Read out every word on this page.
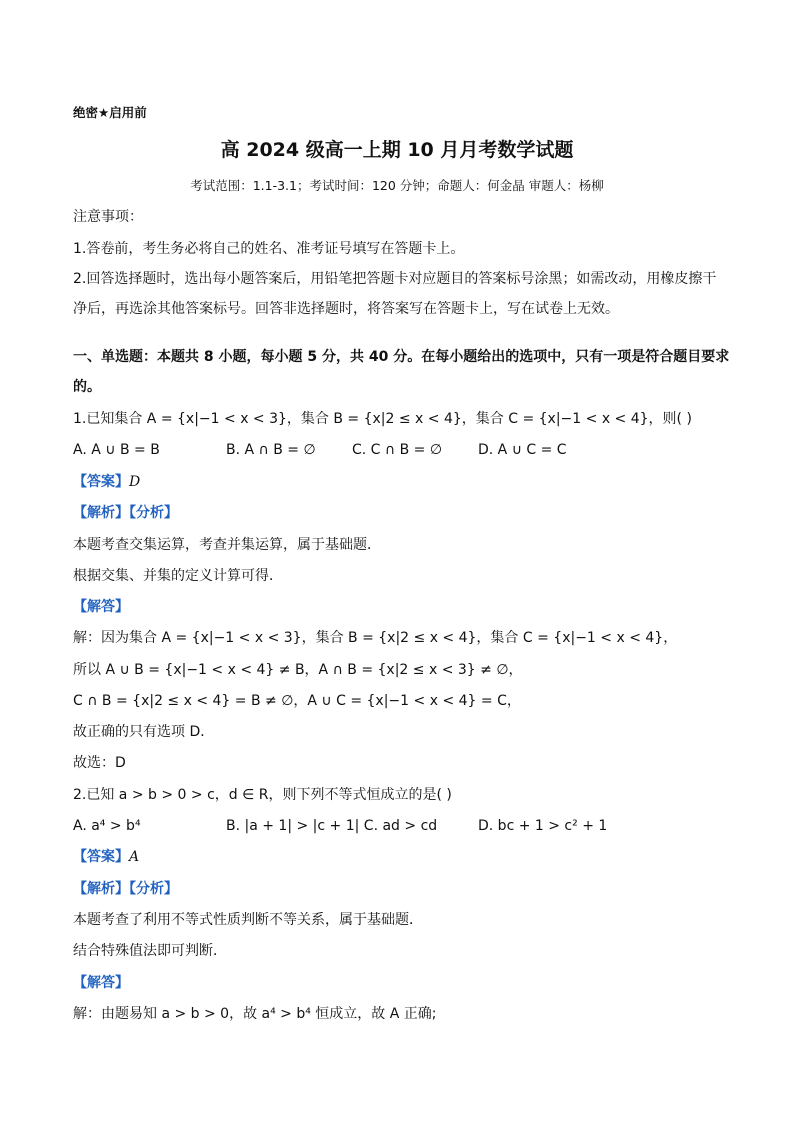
绝密★启用前
高 2024 级高一上期 10 月月考数学试题
考试范围：1.1-3.1；考试时间：120 分钟；命题人：何金晶 审题人：杨柳
注意事项：
1.答卷前，考生务必将自己的姓名、准考证号填写在答题卡上。
2.回答选择题时，选出每小题答案后，用铅笔把答题卡对应题目的答案标号涂黑；如需改动，用橡皮擦干
净后，再选涂其他答案标号。回答非选择题时，将答案写在答题卡上，写在试卷上无效。
一、单选题：本题共 8 小题，每小题 5 分，共 40 分。在每小题给出的选项中，只有一项是符合题目要求
的。
1.已知集合 A = {x|−1 < x < 3}，集合 B = {x|2 ≤ x < 4}，集合 C = {x|−1 < x < 4}，则( )
A. A ∪ B = B	B. A ∩ B = ∅	C. C ∩ B = ∅	D. A ∪ C = C
【答案】D
【解析】【分析】
本题考查交集运算，考查并集运算，属于基础题．
根据交集、并集的定义计算可得．
【解答】
解：因为集合 A = {x|−1 < x < 3}，集合 B = {x|2 ≤ x < 4}，集合 C = {x|−1 < x < 4}，
所以 A ∪ B = {x|−1 < x < 4} ≠ B，A ∩ B = {x|2 ≤ x < 3} ≠ ∅，
C ∩ B = {x|2 ≤ x < 4} = B ≠ ∅，A ∪ C = {x|−1 < x < 4} = C，
故正确的只有选项 D．
故选：D
2.已知 a > b > 0 > c，d ∈ R，则下列不等式恒成立的是( )
A. a⁴ > b⁴	B. |a + 1| > |c + 1| C. ad > cd	D. bc + 1 > c² + 1
【答案】A
【解析】【分析】
本题考查了利用不等式性质判断不等关系，属于基础题．
结合特殊值法即可判断．
【解答】
解：由题易知 a > b > 0，故 a⁴ > b⁴ 恒成立，故 A 正确;
